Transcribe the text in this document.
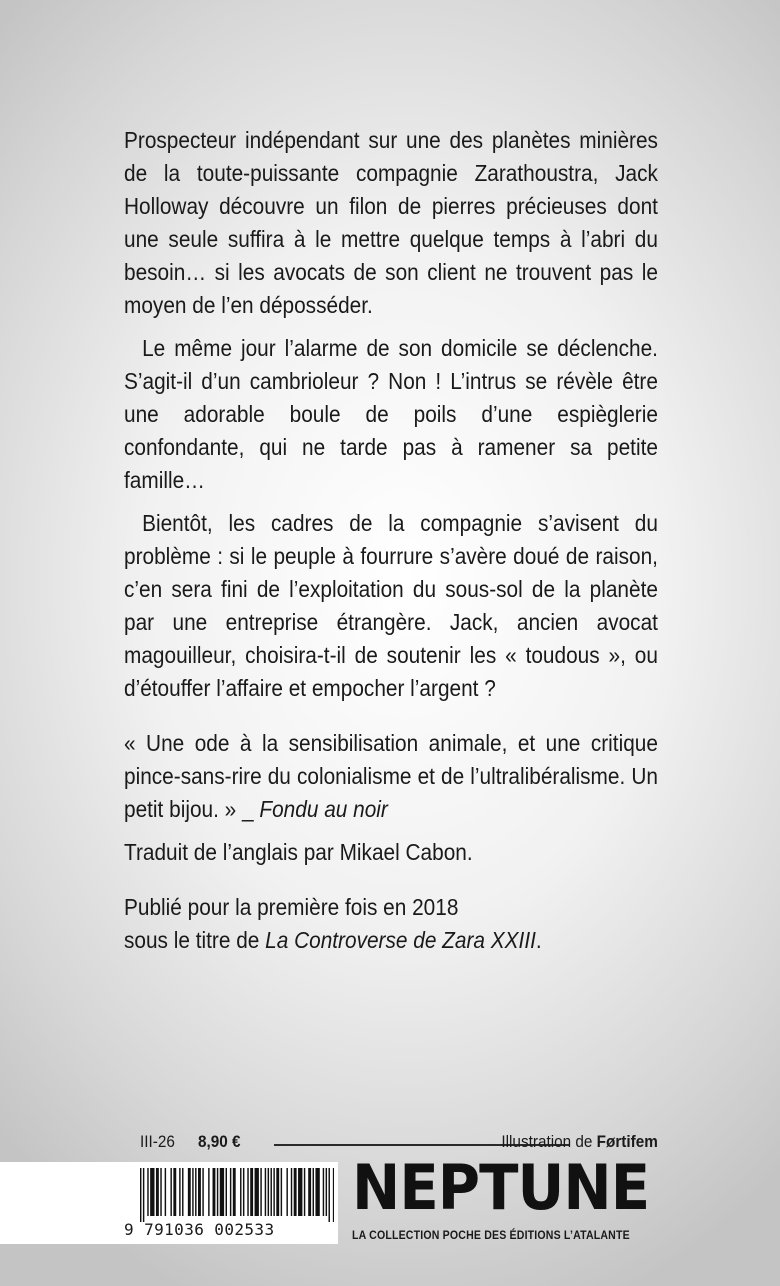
Prospecteur indépendant sur une des planètes minières de la toute-puissante compagnie Zarathoustra, Jack Holloway découvre un filon de pierres précieuses dont une seule suffira à le mettre quelque temps à l’abri du besoin… si les avocats de son client ne trouvent pas le moyen de l’en déposséder.

Le même jour l’alarme de son domicile se déclenche. S’agit-il d’un cambrioleur ? Non ! L’intrus se révèle être une adorable boule de poils d’une espièglerie confondante, qui ne tarde pas à ramener sa petite famille…

Bientôt, les cadres de la compagnie s’avisent du problème : si le peuple à fourrure s’avère doué de raison, c’en sera fini de l’exploitation du sous-sol de la planète par une entreprise étrangère. Jack, ancien avocat magouilleur, choisira-t-il de soutenir les « toudous », ou d’étouffer l’affaire et empocher l’argent ?

« Une ode à la sensibilisation animale, et une critique pince-sans-rire du colonialisme et de l’ultralibéralisme. Un petit bijou. » _ Fondu au noir

Traduit de l’anglais par Mikael Cabon.

Publié pour la première fois en 2018

sous le titre de La Controverse de Zara XXIII.

III-26 8,90 €	Illustration de Førtifem
9 791036 002533
NEPTUNE
LA COLLECTION POCHE DES ÉDITIONS L’ATALANTE
